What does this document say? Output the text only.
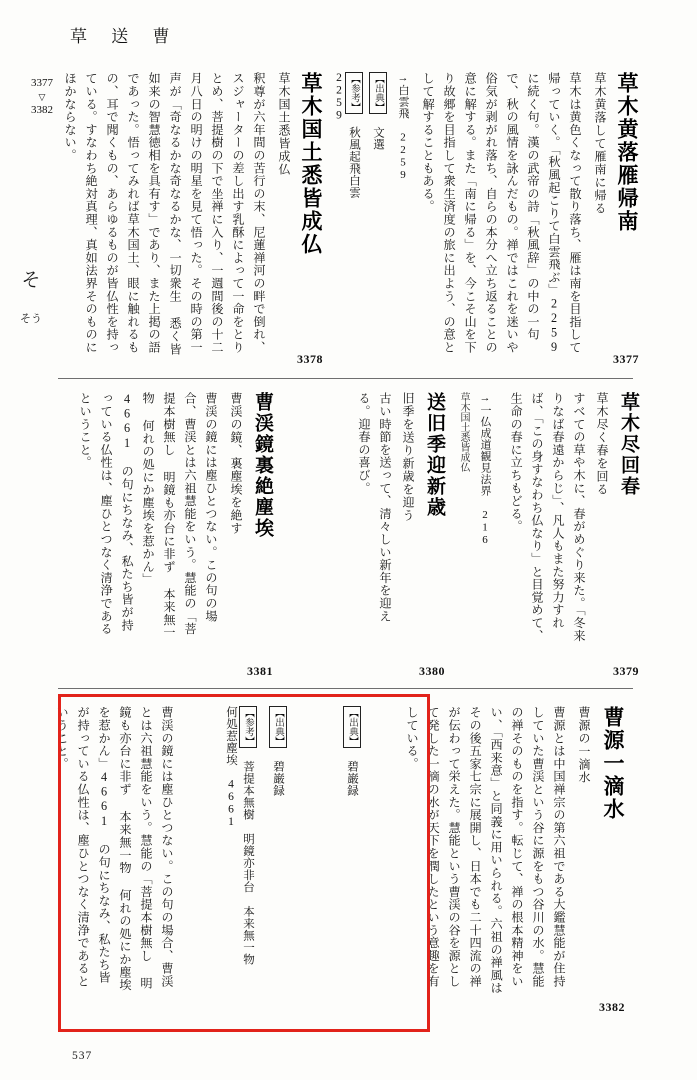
草 送 曹
そ
そう
3377
▽
3382	草木黄落雁帰南
草木黄落して雁南に帰る
草木は黄色くなって散り落ち、雁は南を目指して帰っていく。「秋風起こりて白雲飛ぶ」2259に続く句。漢の武帝の詩「秋風辞」の中の一句で、秋の風情を詠んだもの。禅ではこれを迷いや俗気が剥がれ落ち、自らの本分へ立ち返ることの意に解する。また「南に帰る」を、今こそ山を下り故郷を目指して衆生済度の旅に出よう、の意として解することもある。
→白雲飛 2259
【出典】 文選
【参考】 秋風起飛白雲 2259
3377
草木国土悉皆成仏
草木国土悉皆成仏
釈尊が六年間の苦行の末、尼蓮禅河の畔で倒れ、スジャーターの差し出す乳酥によって一命をとりとめ、菩提樹の下で坐禅に入り、一週間後の十二月八日の明けの明星を見て悟った。その時の第一声が「奇なるかな奇なるかな、一切衆生 悉く皆如来の智慧徳相を具有す」であり、また上掲の語であった。悟ってみれば草木国土、眼に触れるもの、耳で聞くもの、あらゆるものが皆仏性を持っている。すなわち絶対真理、真如法界そのものにほかならない。
3378
草木尽回春
草木尽く春を回る
すべての草や木に、春がめぐり来た。「冬来りなば春遠からじ」、凡人もまた努力すれば、「この身すなわち仏なり」と目覚めて、生命の春に立ちもどる。
3379
→一仏成道観見法界 216
草木国土悉皆成仏
送旧季迎新歳
旧季を送り新歳を迎う
古い時節を送って、清々しい新年を迎える。迎春の喜び。
3380
曹渓鏡裏絶塵埃
曹渓の鏡、裏塵埃を絶す
曹渓の鏡には塵ひとつない。この句の場合、曹渓とは六祖慧能をいう。慧能の「菩提本樹無し 明鏡も亦台に非ず 本来無一物 何れの処にか塵埃を惹かん」4661 の句にちなみ、私たち皆が持っている仏性は、塵ひとつなく清浄であるということ。
3381
曹源一滴水
曹源の一滴水
曹源とは中国禅宗の第六祖である大鑑慧能が住持していた曹渓という谷に源をもつ谷川の水。慧能の禅そのものを指す。転じて、禅の根本精神をいい、「西来意」と同義に用いられる。六祖の禅風はその後五家七宗に展開し、日本でも二十四流の禅が伝わって栄えた。慧能という曹渓の谷を源として発した一滴の水が天下を潤したという意趣を有している。
【出典】 碧巌録
3382
【出典】 碧巌録
【参考】 菩提本無樹 明鏡亦非台 本来無一物 何処惹塵埃 4661
曹渓の鏡には塵ひとつない。この句の場合、曹渓とは六祖慧能をいう。慧能の「菩提本樹無し 明鏡も亦台に非ず 本来無一物 何れの処にか塵埃を惹かん」4661 の句にちなみ、私たち皆が持っている仏性は、塵ひとつなく清浄であるということ。
537
